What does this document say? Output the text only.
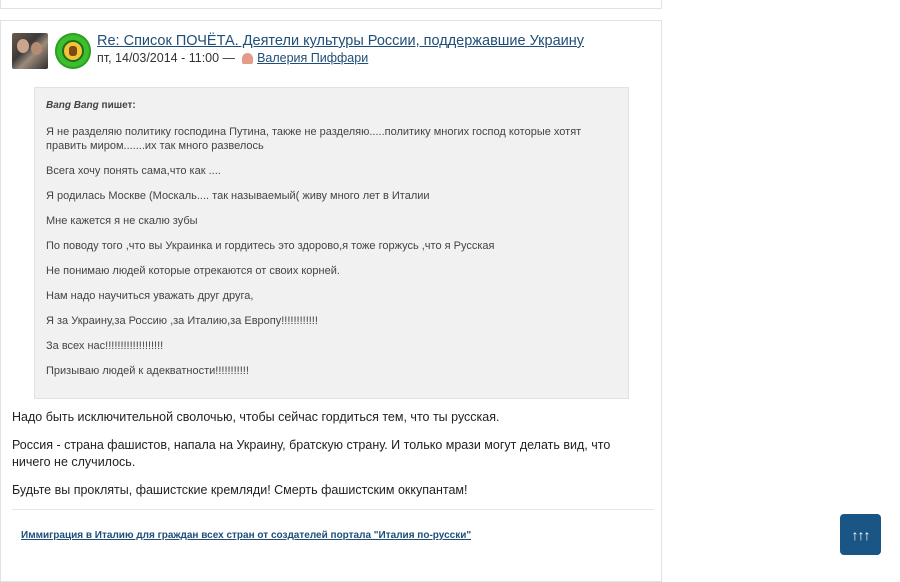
Re: Список ПОЧЁТА. Деятели культуры России, поддержавшие Украину
пт, 14/03/2014 - 11:00 — Валерия Пиффари
Bang Bang пишет:

Я не разделяю политику господина Путина, также не разделяю.....политику многих господ которые хотят править миром.......их так много развелось

Всега хочу понять сама,что как ....

Я родилась Москве (Москаль.... так называемый( живу много лет в Италии

Мне кажется я не скалю зубы

По поводу того ,что вы Украинка и гордитесь это здорово,я тоже горжусь ,что я Русская

Не понимаю людей которые отрекаются от своих корней.

Нам надо научиться уважать друг друга,

Я за Украину,за Россию ,за Италию,за Европу!!!!!!!!!!!!

За всех нас!!!!!!!!!!!!!!!!!!!

Призываю людей к адекватности!!!!!!!!!!!

Надо быть исключительной сволочью, чтобы сейчас гордиться тем, что ты русская.

Россия - страна фашистов, напала на Украину, братскую страну. И только мрази могут делать вид, что ничего не случилось.

Будьте вы прокляты, фашистские кремляди! Смерть фашистским оккупантам!

Иммиграция в Италию для граждан всех стран от создателей портала "Италия по-русски"	↑↑↑
